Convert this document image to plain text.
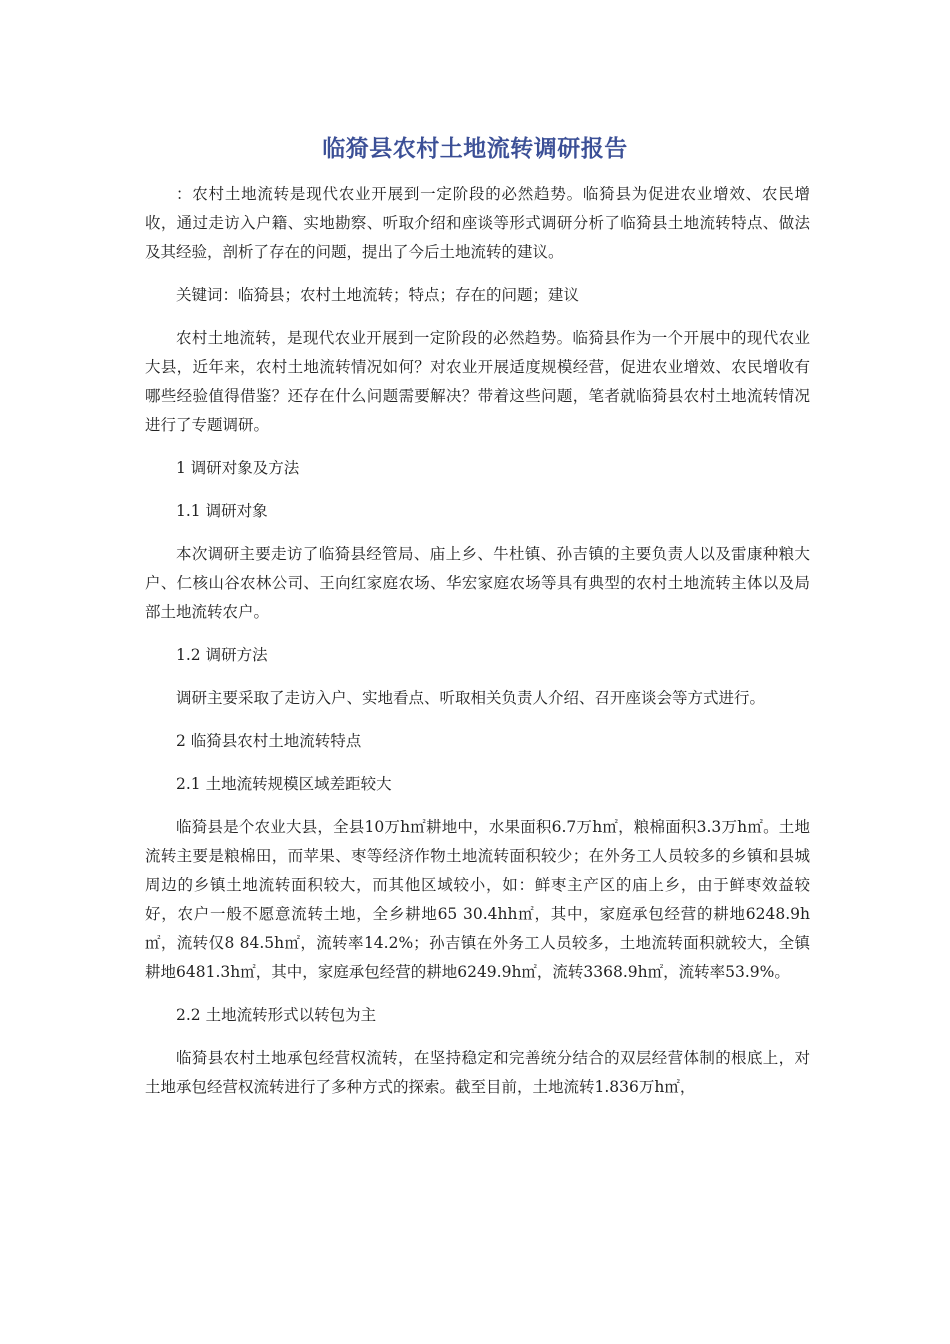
临猗县农村土地流转调研报告

：农村土地流转是现代农业开展到一定阶段的必然趋势。临猗县为促进农业增效、农民增收，通过走访入户籍、实地勘察、听取介绍和座谈等形式调研分析了临猗县土地流转特点、做法及其经验，剖析了存在的问题，提出了今后土地流转的建议。

关键词：临猗县；农村土地流转；特点；存在的问题；建议

农村土地流转，是现代农业开展到一定阶段的必然趋势。临猗县作为一个开展中的现代农业大县，近年来，农村土地流转情况如何？对农业开展适度规模经营，促进农业增效、农民增收有哪些经验值得借鉴？还存在什么问题需要解决？带着这些问题，笔者就临猗县农村土地流转情况进行了专题调研。

1 调研对象及方法

1.1 调研对象

本次调研主要走访了临猗县经管局、庙上乡、牛杜镇、孙吉镇的主要负责人以及雷康种粮大户、仁核山谷农林公司、王向红家庭农场、华宏家庭农场等具有典型的农村土地流转主体以及局部土地流转农户。

1.2 调研方法

调研主要采取了走访入户、实地看点、听取相关负责人介绍、召开座谈会等方式进行。

2 临猗县农村土地流转特点

2.1 土地流转规模区域差距较大

临猗县是个农业大县，全县10万h㎡耕地中，水果面积6.7万h㎡，粮棉面积3.3万h㎡。土地流转主要是粮棉田，而苹果、枣等经济作物土地流转面积较少；在外务工人员较多的乡镇和县城周边的乡镇土地流转面积较大，而其他区域较小，如：鲜枣主产区的庙上乡，由于鲜枣效益较好，农户一般不愿意流转土地，全乡耕地65 30.4hh㎡，其中，家庭承包经营的耕地6248.9h㎡，流转仅8 84.5h㎡，流转率14.2%；孙吉镇在外务工人员较多，土地流转面积就较大，全镇耕地6481.3h㎡，其中，家庭承包经营的耕地6249.9h㎡，流转3368.9h㎡，流转率53.9%。

2.2 土地流转形式以转包为主

临猗县农村土地承包经营权流转，在坚持稳定和完善统分结合的双层经营体制的根底上，对土地承包经营权流转进行了多种方式的探索。截至目前，土地流转1.836万h㎡，
